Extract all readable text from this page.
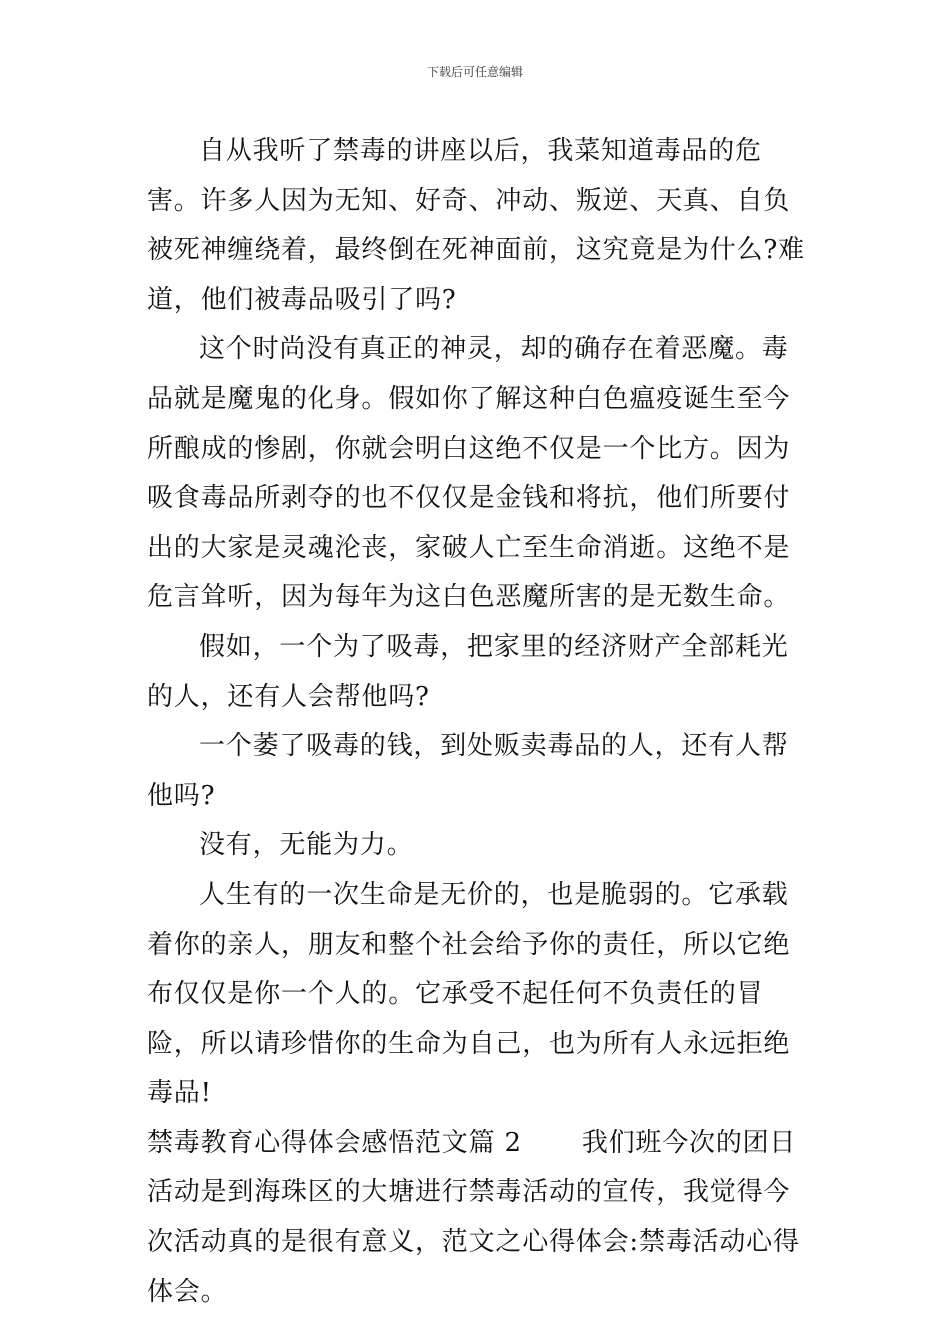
下载后可任意编辑

自从我听了禁毒的讲座以后，我菜知道毒品的危害。许多人因为无知、好奇、冲动、叛逆、天真、自负被死神缠绕着，最终倒在死神面前，这究竟是为什么?难道，他们被毒品吸引了吗?

这个时尚没有真正的神灵，却的确存在着恶魔。毒品就是魔鬼的化身。假如你了解这种白色瘟疫诞生至今所酿成的惨剧，你就会明白这绝不仅是一个比方。因为吸食毒品所剥夺的也不仅仅是金钱和将抗，他们所要付出的大家是灵魂沦丧，家破人亡至生命消逝。这绝不是危言耸听，因为每年为这白色恶魔所害的是无数生命。

假如，一个为了吸毒，把家里的经济财产全部耗光的人，还有人会帮他吗?

一个萎了吸毒的钱，到处贩卖毒品的人，还有人帮他吗?

没有，无能为力。

人生有的一次生命是无价的，也是脆弱的。它承载着你的亲人，朋友和整个社会给予你的责任，所以它绝布仅仅是你一个人的。它承受不起任何不负责任的冒险，所以请珍惜你的生命为自己，也为所有人永远拒绝毒品!

禁毒教育心得体会感悟范文篇 2 我们班今次的团日活动是到海珠区的大塘进行禁毒活动的宣传，我觉得今次活动真的是很有意义，范文之心得体会:禁毒活动心得体会。
